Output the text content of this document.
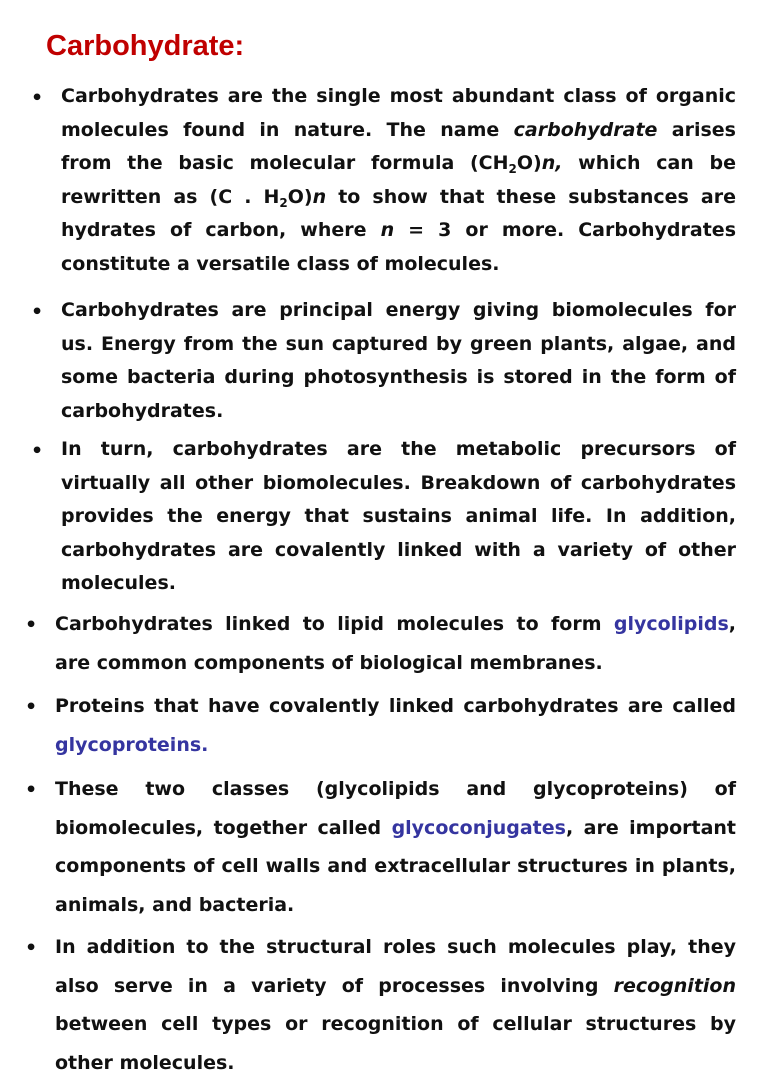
Carbohydrate:
• Carbohydrates are the single most abundant class of organic molecules found in nature. The name carbohydrate arises from the basic molecular formula $(CH_2O)n$, which can be rewritten as (C . $H_2O)n$ to show that these substances are hydrates of carbon, where n = 3 or more. Carbohydrates constitute a versatile class of molecules.

• Carbohydrates are principal energy giving biomolecules for us. Energy from the sun captured by green plants, algae, and some bacteria during photosynthesis is stored in the form of carbohydrates.

• In turn, carbohydrates are the metabolic precursors of virtually all other biomolecules. Breakdown of carbohydrates provides the energy that sustains animal life. In addition, carbohydrates are covalently linked with a variety of other molecules.

• Carbohydrates linked to lipid molecules to form glycolipids, are common components of biological membranes.

• Proteins that have covalently linked carbohydrates are called glycoproteins.

• These two classes (glycolipids and glycoproteins) of biomolecules, together called glycoconjugates, are important components of cell walls and extracellular structures in plants, animals, and bacteria.

• In addition to the structural roles such molecules play, they also serve in a variety of processes involving recognition between cell types or recognition of cellular structures by other molecules.
